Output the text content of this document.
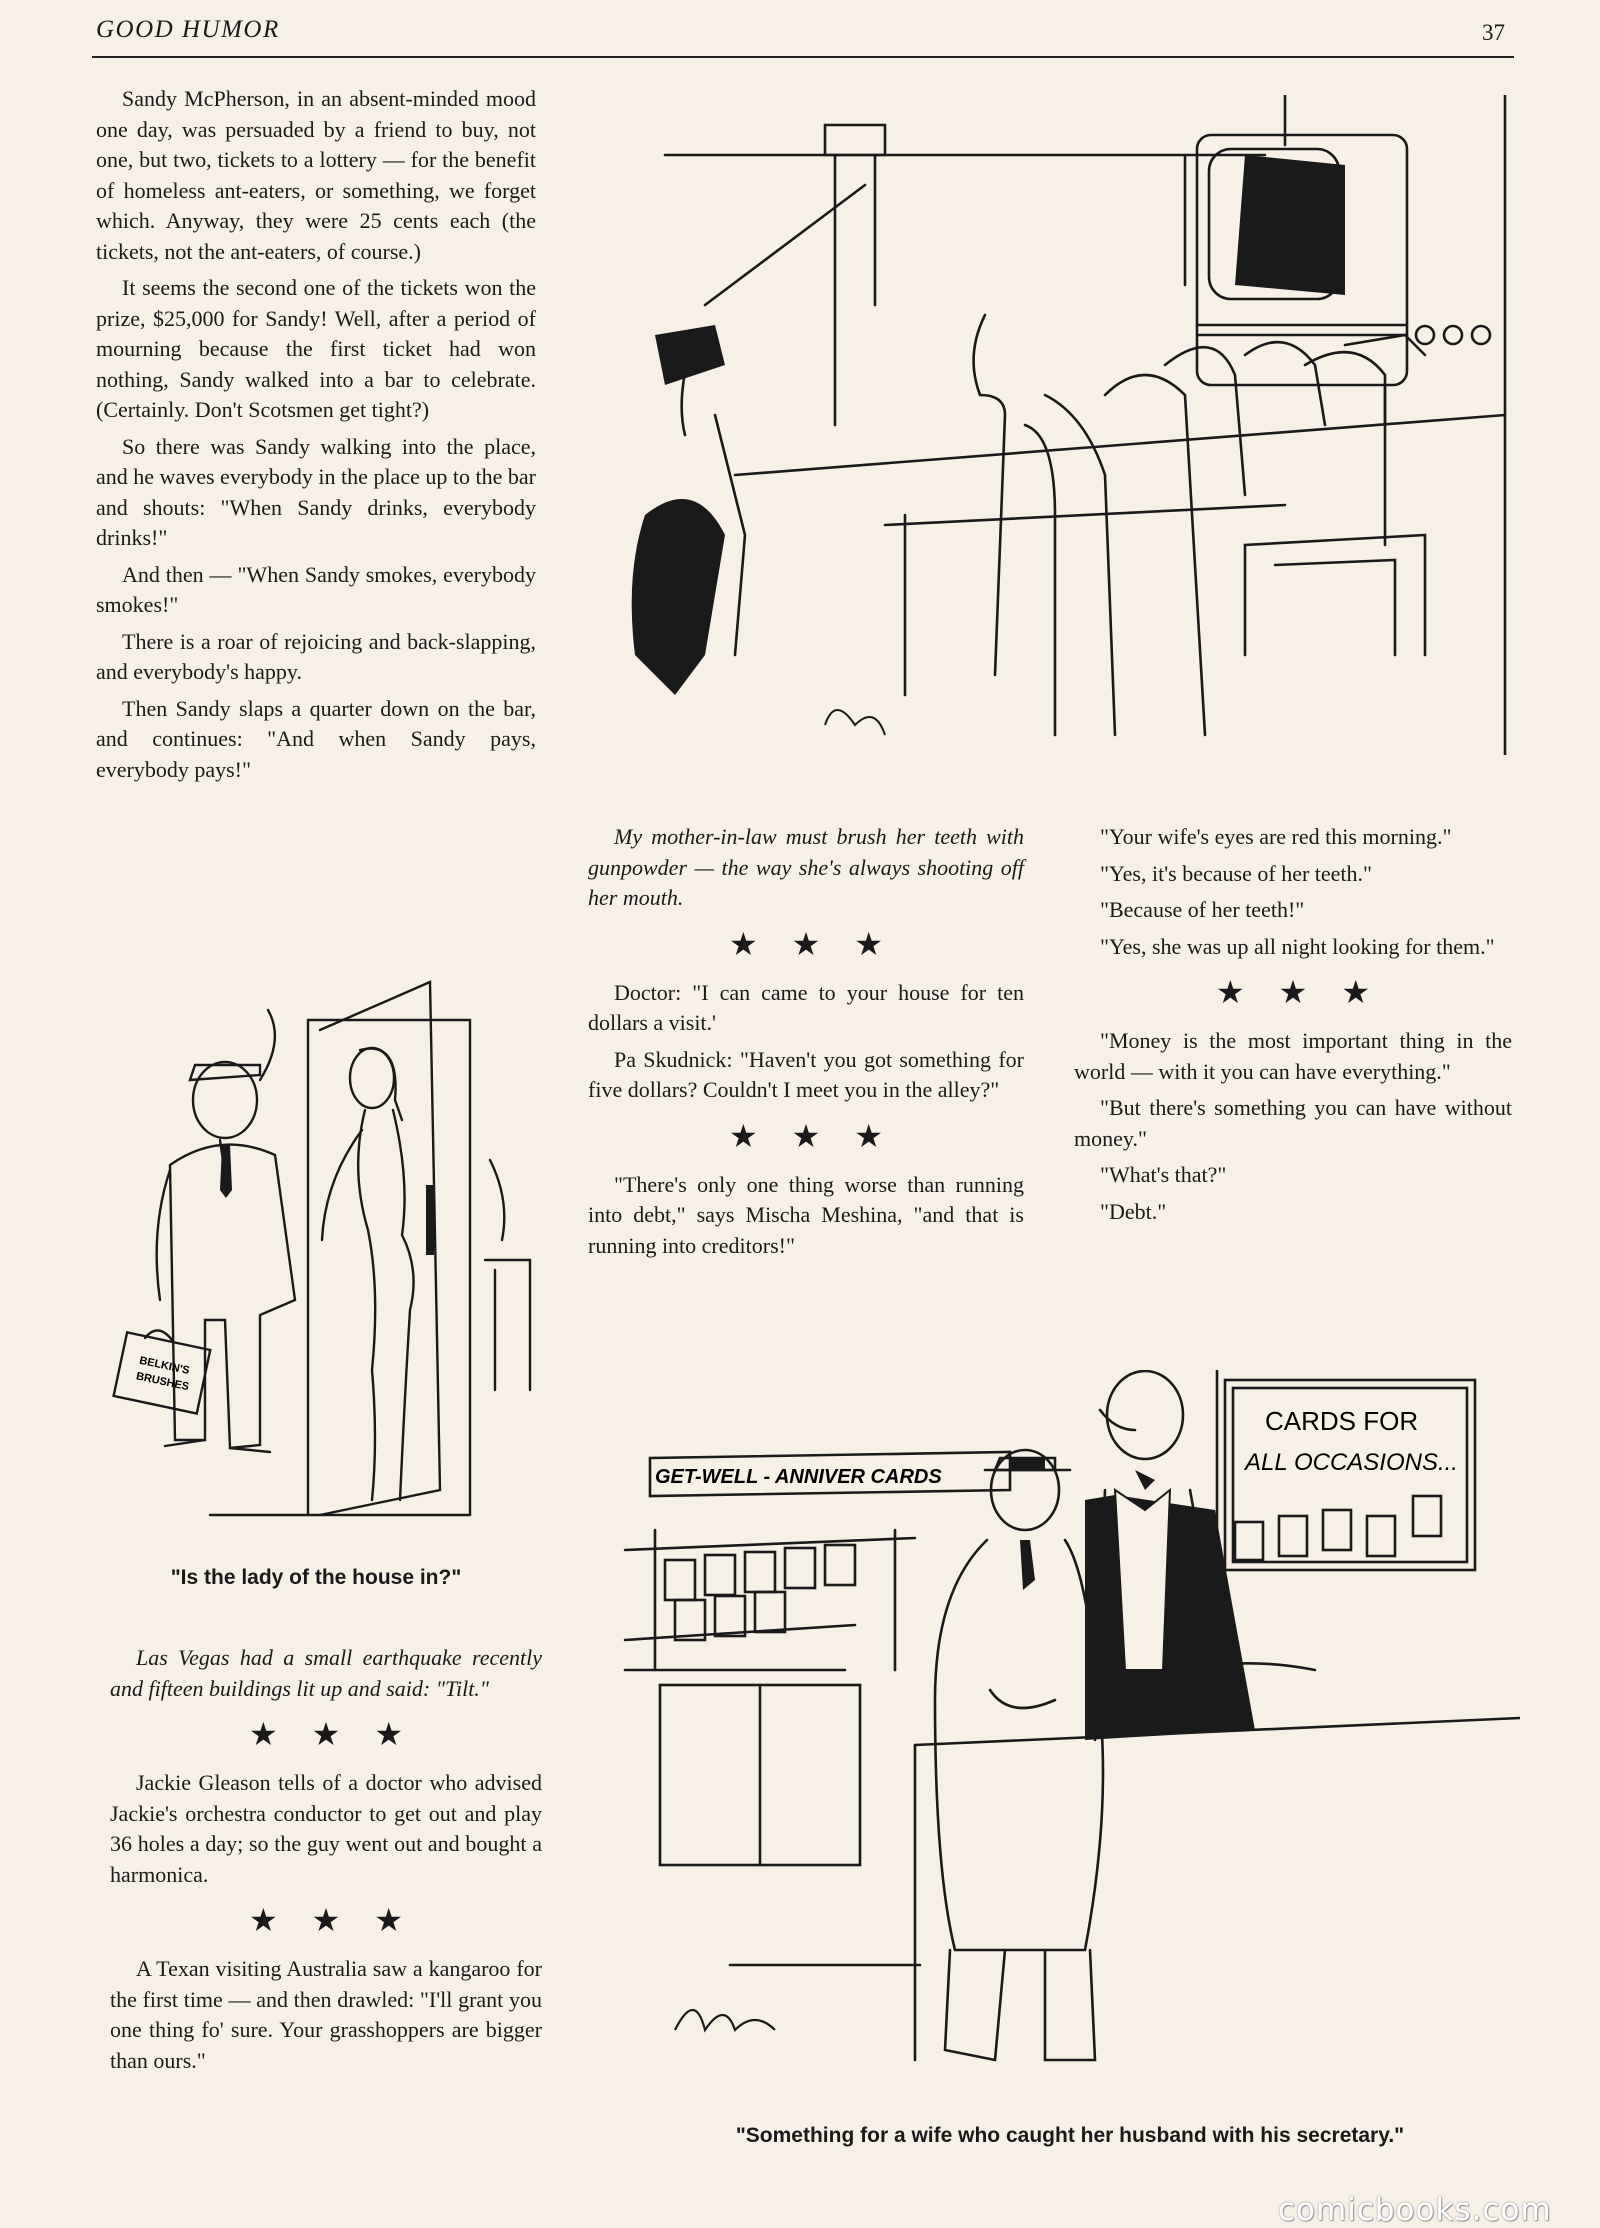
GOOD HUMOR	37

Sandy McPherson, in an absent-minded mood one day, was persuaded by a friend to buy, not one, but two, tickets to a lottery — for the benefit of homeless ant-eaters, or something, we forget which. Anyway, they were 25 cents each (the tickets, not the ant-eaters, of course.)

It seems the second one of the tickets won the prize, $25,000 for Sandy! Well, after a period of mourning because the first ticket had won nothing, Sandy walked into a bar to celebrate. (Certainly. Don't Scotsmen get tight?)

So there was Sandy walking into the place, and he waves everybody in the place up to the bar and shouts: "When Sandy drinks, everybody drinks!"

And then — "When Sandy smokes, everybody smokes!"

There is a roar of rejoicing and back-slapping, and everybody's happy.

Then Sandy slaps a quarter down on the bar, and continues: "And when Sandy pays, everybody pays!"

BELKIN'S
BRUSHES
"Is the lady of the house in?"

Las Vegas had a small earthquake recently and fifteen buildings lit up and said: "Tilt."

★★★

Jackie Gleason tells of a doctor who advised Jackie's orchestra conductor to get out and play 36 holes a day; so the guy went out and bought a harmonica.

★★★

A Texan visiting Australia saw a kangaroo for the first time — and then drawled: "I'll grant you one thing fo' sure. Your grasshoppers are bigger than ours."

My mother-in-law must brush her teeth with gunpowder — the way she's always shooting off her mouth.

★★★

Doctor: "I can came to your house for ten dollars a visit.'

Pa Skudnick: "Haven't you got something for five dollars? Couldn't I meet you in the alley?"

★★★

"There's only one thing worse than running into debt," says Mischa Meshina, "and that is running into creditors!"

"Your wife's eyes are red this morning."

"Yes, it's because of her teeth."

"Because of her teeth!"

"Yes, she was up all night looking for them."

★★★

"Money is the most important thing in the world — with it you can have everything."

"But there's something you can have without money."

"What's that?"

"Debt."

GET-WELL - ANNIVER CARDS
CARDS FOR
ALL OCCASIONS...
"Something for a wife who caught her husband with his secretary."
comicbooks.com
